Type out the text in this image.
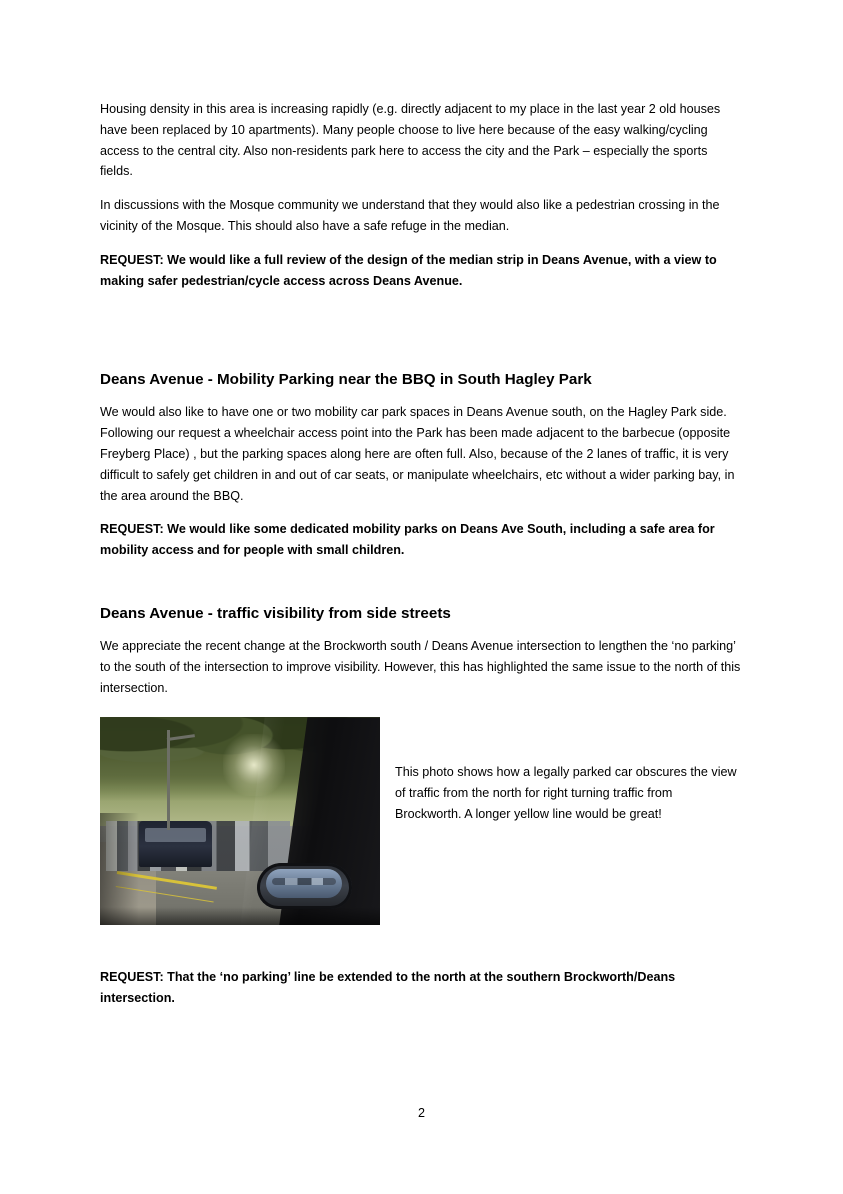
Housing density in this area is increasing rapidly (e.g. directly adjacent to my place in the last year 2 old houses have been replaced by 10 apartments). Many people choose to live here because of the easy walking/cycling access to the central city. Also non-residents park here to access the city and the Park – especially the sports fields.

In discussions with the Mosque community we understand that they would also like a pedestrian crossing in the vicinity of the Mosque. This should also have a safe refuge in the median.

REQUEST: We would like a full review of the design of the median strip in Deans Avenue, with a view to making safer pedestrian/cycle access across Deans Avenue.

Deans Avenue - Mobility Parking near the BBQ in South Hagley Park

We would also like to have one or two mobility car park spaces in Deans Avenue south, on the Hagley Park side. Following our request a wheelchair access point into the Park has been made adjacent to the barbecue (opposite Freyberg Place) , but the parking spaces along here are often full. Also, because of the 2 lanes of traffic, it is very difficult to safely get children in and out of car seats, or manipulate wheelchairs, etc without a wider parking bay, in the area around the BBQ.

REQUEST: We would like some dedicated mobility parks on Deans Ave South, including a safe area for mobility access and for people with small children.

Deans Avenue - traffic visibility from side streets

We appreciate the recent change at the Brockworth south / Deans Avenue intersection to lengthen the ‘no parking’ to the south of the intersection to improve visibility. However, this has highlighted the same issue to the north of this intersection.

This photo shows how a legally parked car obscures the view of traffic from the north for right turning traffic from Brockworth. A longer yellow line would be great!

REQUEST: That the ‘no parking’ line be extended to the north at the southern Brockworth/Deans intersection.

2
